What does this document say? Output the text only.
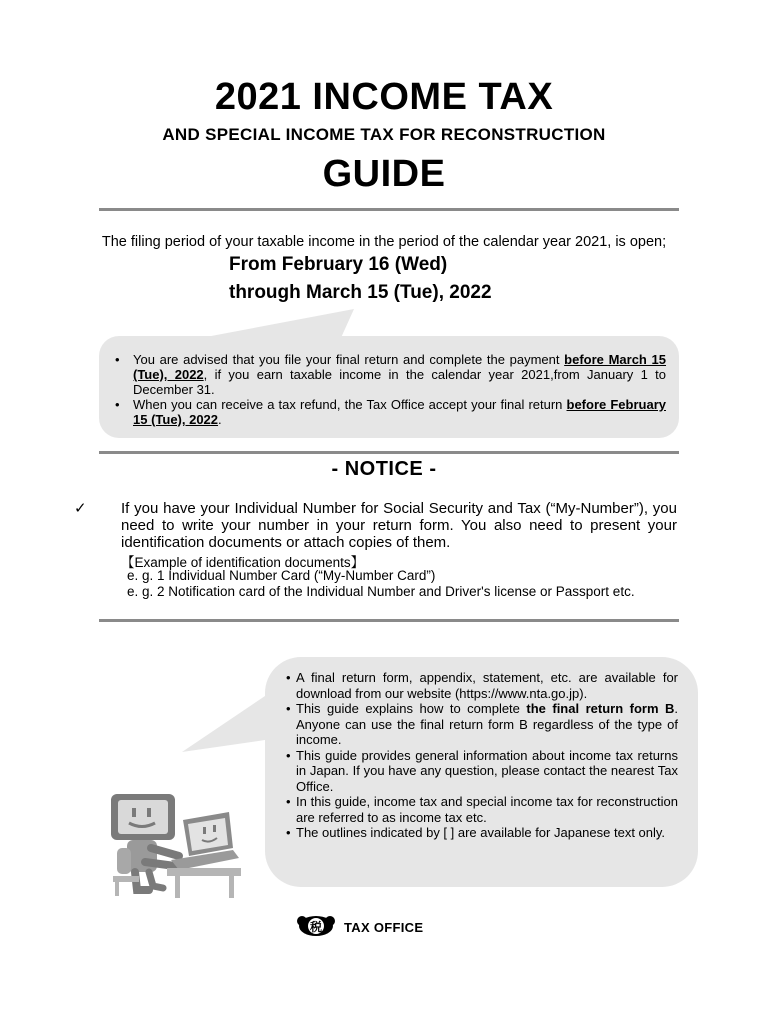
2021 INCOME TAX
AND SPECIAL INCOME TAX FOR RECONSTRUCTION
GUIDE
The filing period of your taxable income in the period of the calendar year 2021, is open;
From February 16 (Wed)
through March 15 (Tue), 2022
• You are advised that you file your final return and complete the payment before March 15 (Tue), 2022, if you earn taxable income in the calendar year 2021,from January 1 to December 31.
• When you can receive a tax refund, the Tax Office accept your final return before February 15 (Tue), 2022.
- NOTICE -
✓ If you have your Individual Number for Social Security and Tax (“My-Number”), you need to write your number in your return form. You also need to present your identification documents or attach copies of them.

【Example of identification documents】
e. g. 1 Individual Number Card (“My-Number Card”)
e. g. 2 Notification card of the Individual Number and Driver's license or Passport etc.
• A final return form, appendix, statement, etc. are available for download from our website (https://www.nta.go.jp).
• This guide explains how to complete the final return form B. Anyone can use the final return form B regardless of the type of income.
• This guide provides general information about income tax returns in Japan. If you have any question, please contact the nearest Tax Office.
• In this guide, income tax and special income tax for reconstruction are referred to as income tax etc.
• The outlines indicated by [ ] are available for Japanese text only.
税 TAX OFFICE
